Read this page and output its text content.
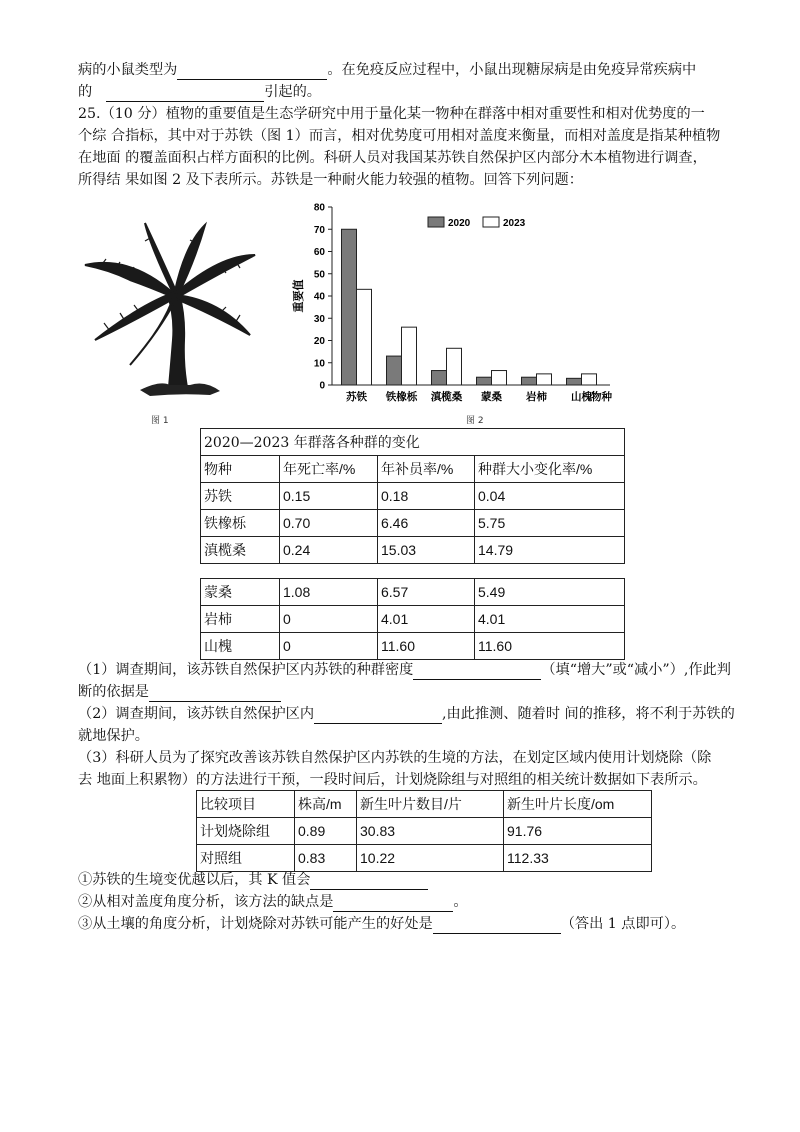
病的小鼠类型为	。在免疫反应过程中，小鼠出现糖尿病是由免疫异常疾病中
的	引起的。
25.（10 分）植物的重要值是生态学研究中用于量化某一物种在群落中相对重要性和相对优势度的一
个综 合指标，其中对于苏铁（图 1）而言，相对优势度可用相对盖度来衡量，而相对盖度是指某种植物
在地面 的覆盖面积占样方面积的比例。科研人员对我国某苏铁自然保护区内部分木本植物进行调查，
所得结 果如图 2 及下表所示。苏铁是一种耐火能力较强的植物。回答下列问题：
图 1
0
10
20
30
40
50
60
70
80
重要值
苏铁 铁橡栎 滇榄桑 蒙桑 岩柿 山槐 物种
2020	2023
图 2
2020—2023 年群落各种群的变化			
物种	年死亡率/%	年补员率/%	种群大小变化率/%
苏铁	0.15	0.18	0.04
铁橡栎	0.70	6.46	5.75
滇榄桑	0.24	15.03	14.79
蒙桑	1.08	6.57	5.49
岩柿	0	4.01	4.01
山槐	0	11.60	11.60
（1）调查期间，该苏铁自然保护区内苏铁的种群密度	（填“增大”或“减小”）,作此判
断的依据是
（2）调查期间，该苏铁自然保护区内	,由此推测、随着时 间的推移，将不利于苏铁的
就地保护。
（3）科研人员为了探究改善该苏铁自然保护区内苏铁的生境的方法，在划定区域内使用计划烧除（除
去 地面上积累物）的方法进行干预，一段时间后，计划烧除组与对照组的相关统计数据如下表所示。
比较项目	株高/m	新生叶片数目/片	新生叶片长度/om
计划烧除组	0.89	30.83	91.76
对照组	0.83	10.22	112.33
①苏铁的生境变优越以后，其 K 值会
②从相对盖度角度分析，该方法的缺点是	。
③从土壤的角度分析，计划烧除对苏铁可能产生的好处是	（答出 1 点即可）。
